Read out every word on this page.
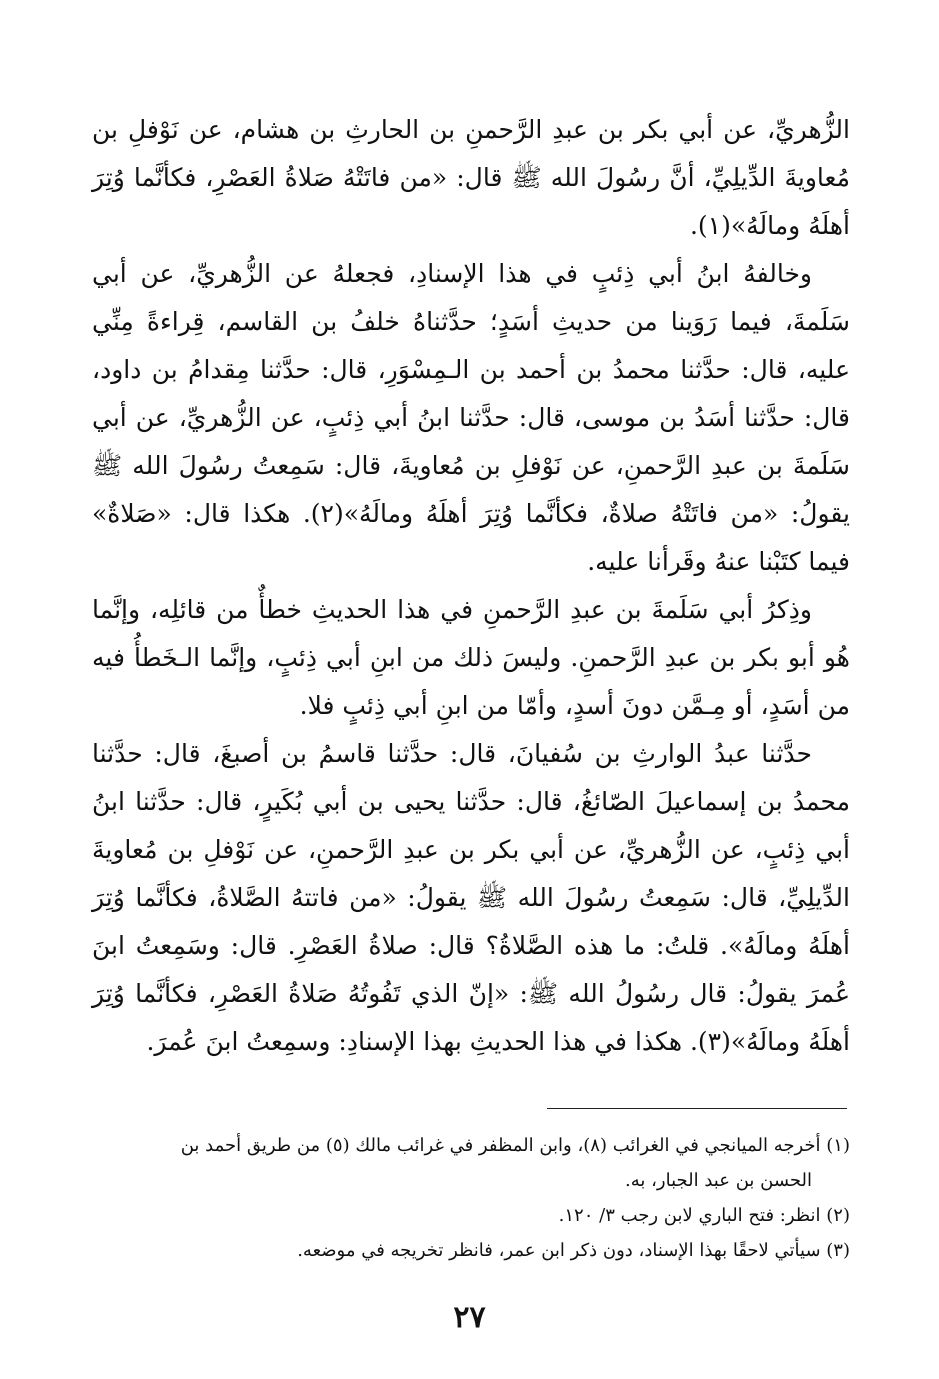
الزُّهريِّ، عن أبي بكر بن عبدِ الرَّحمنِ بن الحارثِ بن هشام، عن نَوْفلِ بن مُعاويةَ الدِّيلِيِّ، أنَّ رسُولَ الله ﷺ قال: «من فاتَتْهُ صَلاةُ العَصْرِ، فكأنَّما وُتِرَ أهلَهُ ومالَهُ»(١).

وخالفهُ ابنُ أبي ذِئبٍ في هذا الإسنادِ، فجعلهُ عن الزُّهريِّ، عن أبي سَلَمةَ، فيما رَوَينا من حديثِ أسَدٍ؛ حدَّثناهُ خلفُ بن القاسم، قِراءةً مِنِّي عليه، قال: حدَّثنا محمدُ بن أحمد بن الـمِسْوَرِ، قال: حدَّثنا مِقدامُ بن داود، قال: حدَّثنا أسَدُ بن موسى، قال: حدَّثنا ابنُ أبي ذِئبٍ، عن الزُّهريِّ، عن أبي سَلَمةَ بن عبدِ الرَّحمنِ، عن نَوْفلِ بن مُعاويةَ، قال: سَمِعتُ رسُولَ الله ﷺ يقولُ: «من فاتَتْهُ صلاةٌ، فكأنَّما وُتِرَ أهلَهُ ومالَهُ»(٢). هكذا قال: «صَلاةٌ» فيما كتَبْنا عنهُ وقَرأنا عليه.

وذِكرُ أبي سَلَمةَ بن عبدِ الرَّحمنِ في هذا الحديثِ خطأٌ من قائلِه، وإنَّما هُو أبو بكر بن عبدِ الرَّحمنِ. وليسَ ذلك من ابنِ أبي ذِئبٍ، وإنَّما الـخَطأُ فيه من أسَدٍ، أو مِـمَّن دونَ أسدٍ، وأمّا من ابنِ أبي ذِئبٍ فلا.

حدَّثنا عبدُ الوارثِ بن سُفيانَ، قال: حدَّثنا قاسمُ بن أصبغَ، قال: حدَّثنا محمدُ بن إسماعيلَ الصّائغُ، قال: حدَّثنا يحيى بن أبي بُكَيرٍ، قال: حدَّثنا ابنُ أبي ذِئبٍ، عن الزُّهريِّ، عن أبي بكر بن عبدِ الرَّحمنِ، عن نَوْفلِ بن مُعاويةَ الدِّيلِيِّ، قال: سَمِعتُ رسُولَ الله ﷺ يقولُ: «من فاتتهُ الصَّلاةُ، فكأنَّما وُتِرَ أهلَهُ ومالَهُ». قلتُ: ما هذه الصَّلاةُ؟ قال: صلاةُ العَصْرِ. قال: وسَمِعتُ ابنَ عُمرَ يقولُ: قال رسُولُ الله ﷺ: «إنّ الذي تَفُوتُهُ صَلاةُ العَصْرِ، فكأنَّما وُتِرَ أهلَهُ ومالَهُ»(٣). هكذا في هذا الحديثِ بهذا الإسنادِ: وسمِعتُ ابنَ عُمرَ.

(١) أخرجه الميانجي في الغرائب (٨)، وابن المظفر في غرائب مالك (٥) من طريق أحمد بن
الحسن بن عبد الجبار، به.

(٢) انظر: فتح الباري لابن رجب ٣/ ١٢٠.

(٣) سيأتي لاحقًا بهذا الإسناد، دون ذكر ابن عمر، فانظر تخريجه في موضعه.

٢٧
